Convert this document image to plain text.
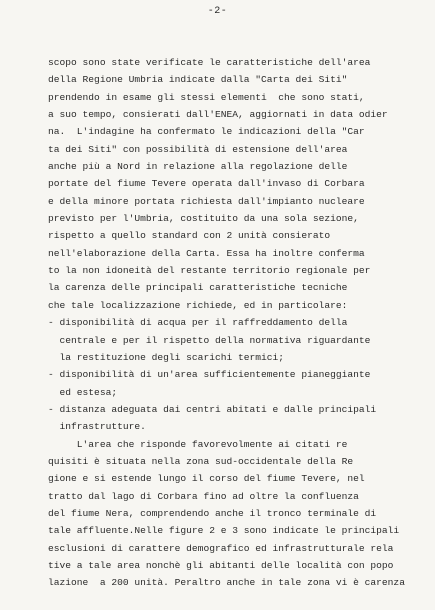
-2-
scopo sono state verificate le caratteristiche dell'area
della Regione Umbria indicate dalla "Carta dei Siti"
prendendo in esame gli stessi elementi  che sono stati,
a suo tempo, consierati dall'ENEA, aggiornati in data odier
na.  L'indagine ha confermato le indicazioni della "Car
ta dei Siti" con possibilità di estensione dell'area
anche più a Nord in relazione alla regolazione delle
portate del fiume Tevere operata dall'invaso di Corbara
e della minore portata richiesta dall'impianto nucleare
previsto per l'Umbria, costituito da una sola sezione,
rispetto a quello standard con 2 unità consierato
nell'elaborazione della Carta. Essa ha inoltre conferma
to la non idoneità del restante territorio regionale per
la carenza delle principali caratteristiche tecniche
che tale localizzazione richiede, ed in particolare:
- disponibilità di acqua per il raffreddamento della
centrale e per il rispetto della normativa riguardante
la restituzione degli scarichi termici;
- disponibilità di un'area sufficientemente pianeggiante
ed estesa;
- distanza adeguata dai centri abitati e dalle principali
infrastrutture.
L'area che risponde favorevolmente ai citati re
quisiti è situata nella zona sud-occidentale della Re
gione e si estende lungo il corso del fiume Tevere, nel
tratto dal lago di Corbara fino ad oltre la confluenza
del fiume Nera, comprendendo anche il tronco terminale di
tale affluente.Nelle figure 2 e 3 sono indicate le principali
esclusioni di carattere demografico ed infrastrutturale rela
tive a tale area nonchè gli abitanti delle località con popo
lazione  a 200 unità. Peraltro anche in tale zona vi è carenza
